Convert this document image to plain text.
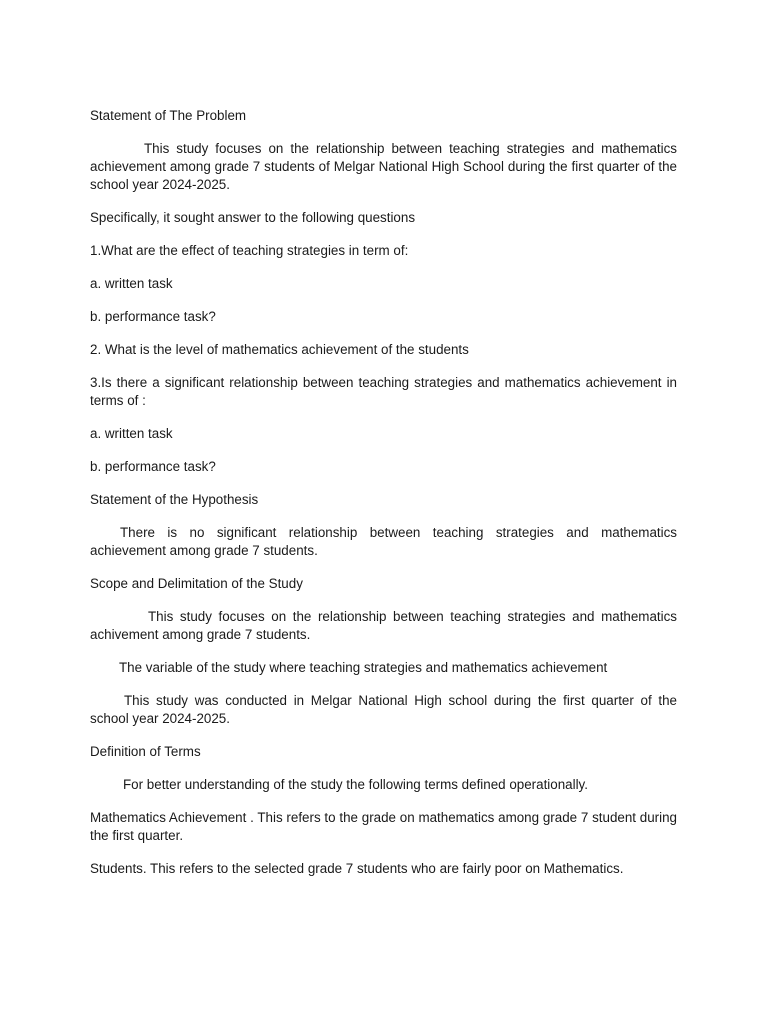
Statement of The Problem

This study focuses on the relationship between teaching strategies and mathematics achievement among grade 7 students of Melgar National High School during the first quarter of the school year 2024-2025.

Specifically, it sought answer to the following questions

1.What are the effect of teaching strategies in term of:

a. written task

b. performance task?

2. What is the level of mathematics achievement of the students

3.Is there a significant relationship between teaching strategies and mathematics achievement in terms of :

a. written task

b. performance task?

Statement of the Hypothesis

There is no significant relationship between teaching strategies and mathematics achievement among grade 7 students.

Scope and Delimitation of the Study

This study focuses on the relationship between teaching strategies and mathematics achivement among grade 7 students.

The variable of the study where teaching strategies and mathematics achievement

This study was conducted in Melgar National High school during the first quarter of the school year 2024-2025.

Definition of Terms

For better understanding of the study the following terms defined operationally.

Mathematics Achievement . This refers to the grade on mathematics among grade 7 student during the first quarter.

Students. This refers to the selected grade 7 students who are fairly poor on Mathematics.
